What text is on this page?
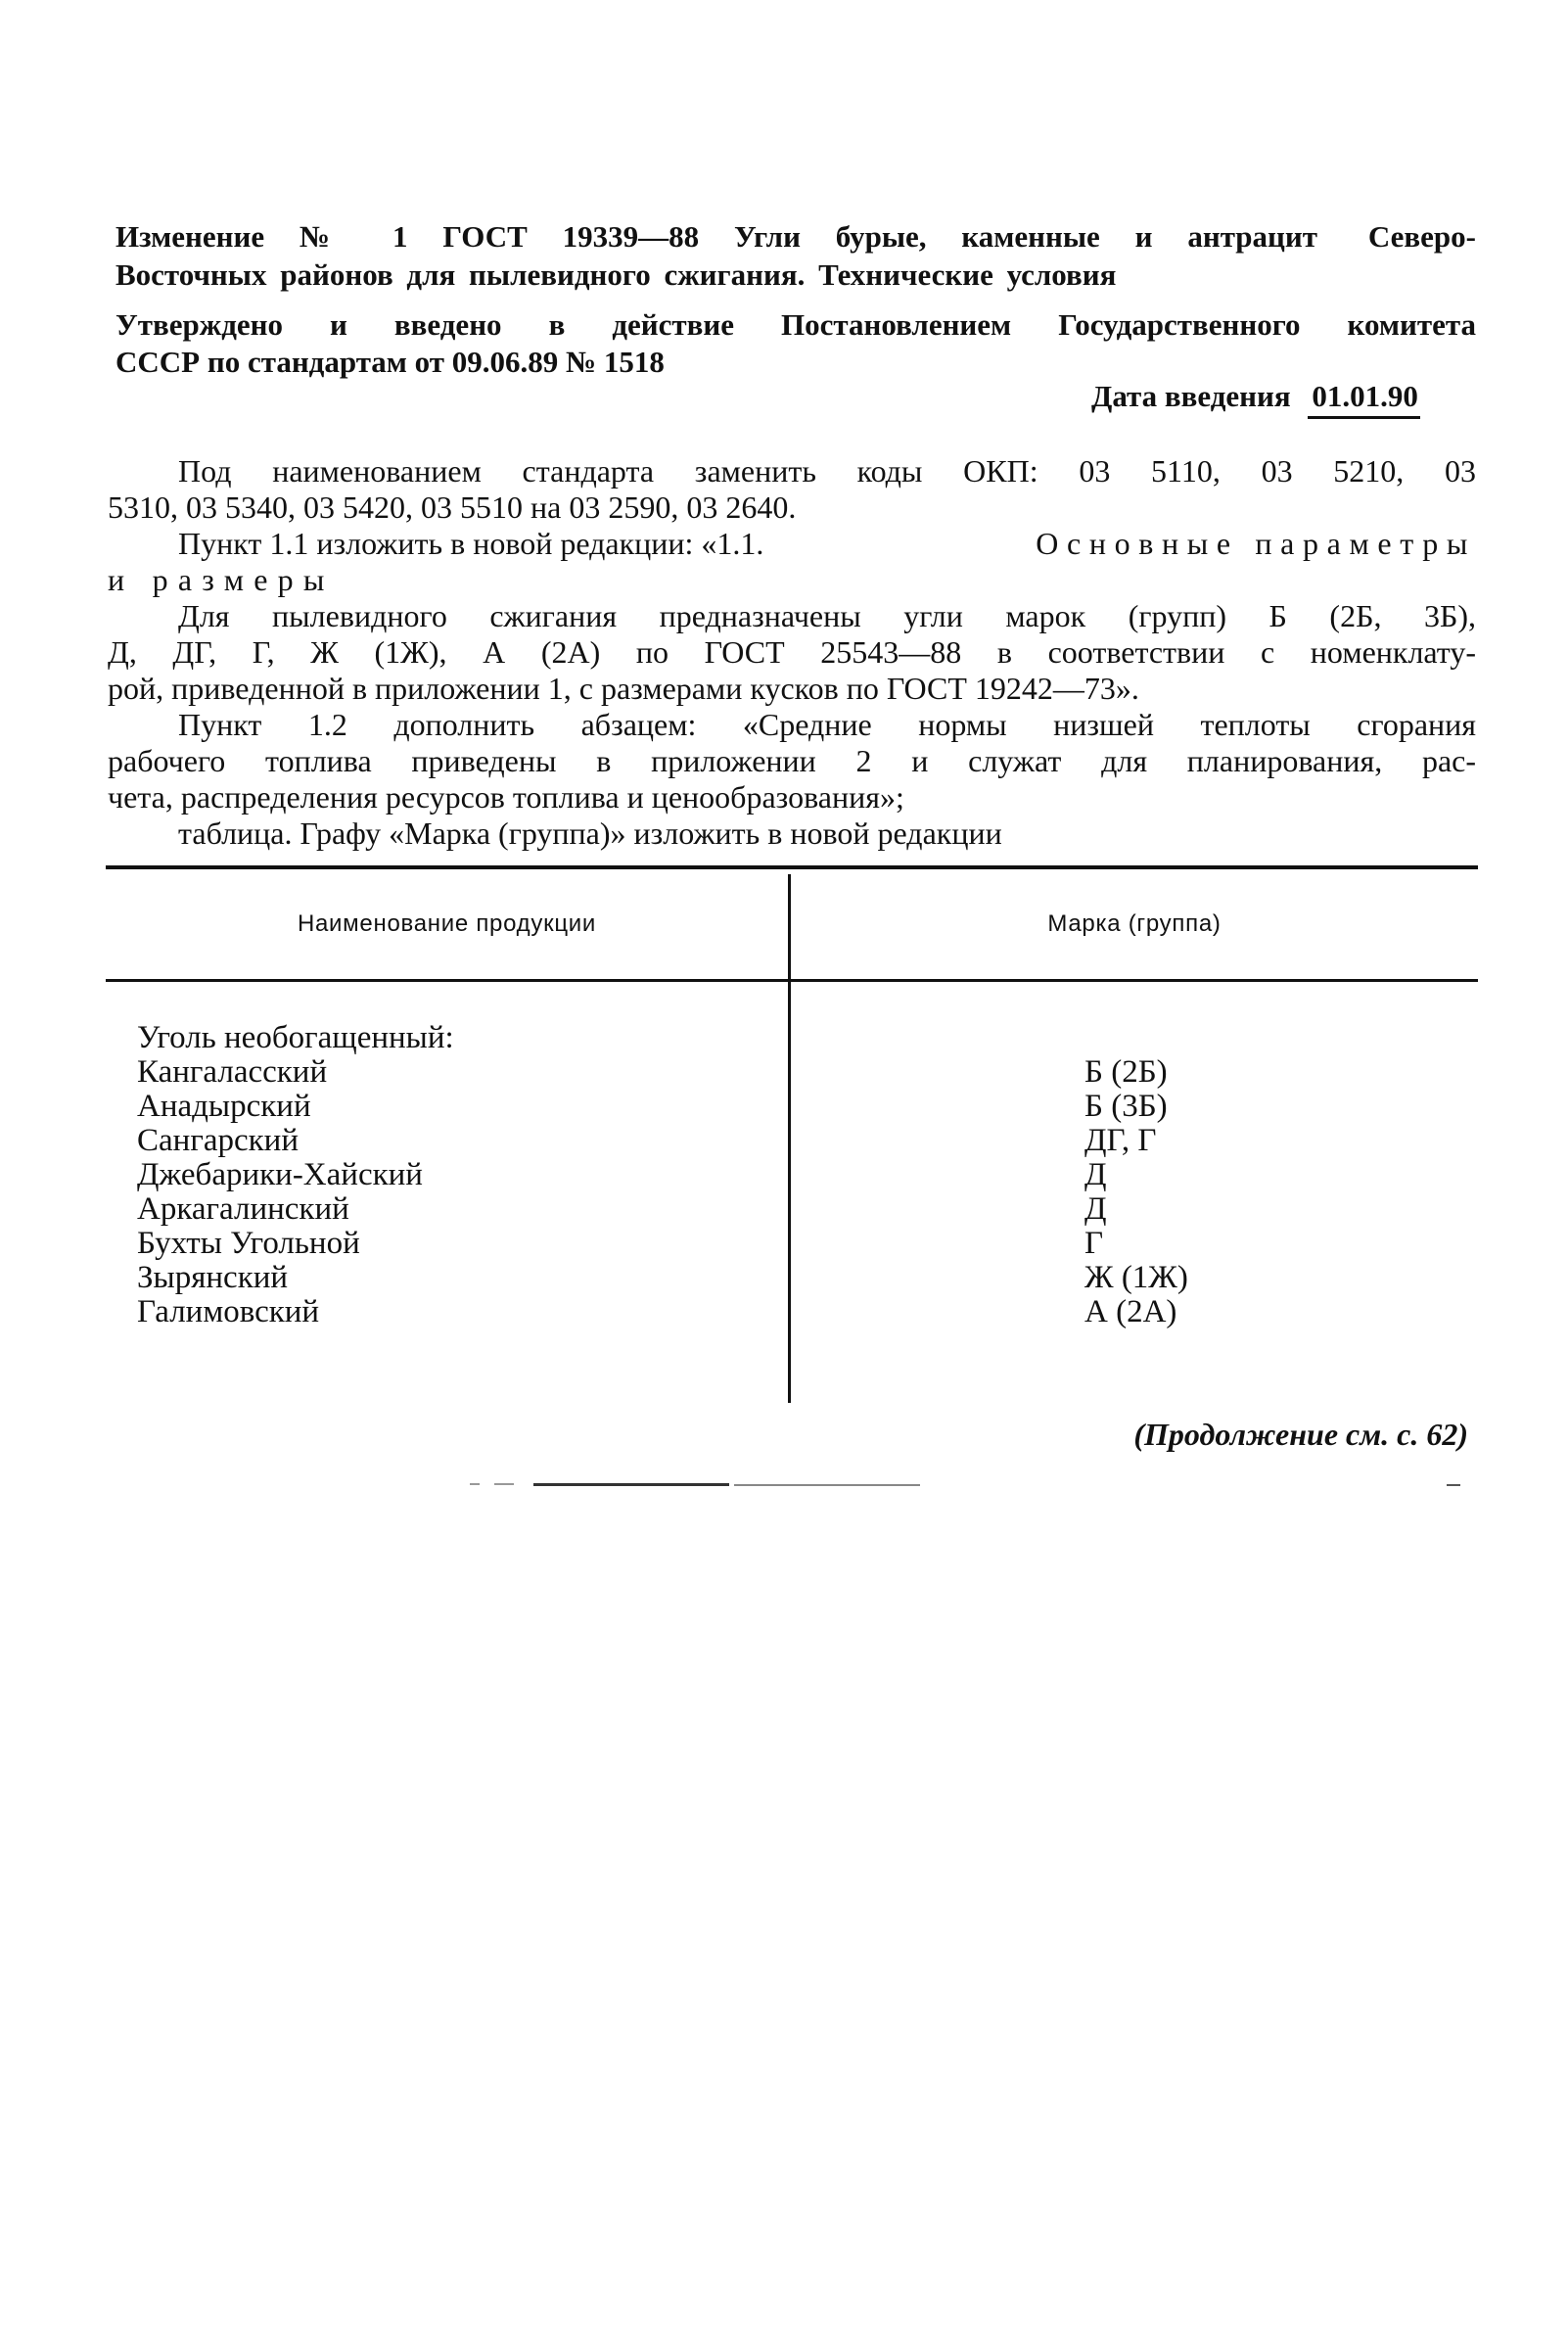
Изменение № 1 ГОСТ 19339—88 Угли бурые, каменные и антрацит	Северо-
Восточных районов для пылевидного сжигания. Технические условия
Утверждено и введено в действие Постановлением Государственного комитета
СССР по стандартам от 09.06.89 № 1518
Дата введения 01.01.90
Под наименованием стандарта заменить коды ОКП: 03 5110, 03 5210, 03
5310, 03 5340, 03 5420, 03 5510 на 03 2590, 03 2640.
Пункт 1.1 изложить в новой редакции: «1.1.	Основные параметры
и размеры
Для пылевидного сжигания предназначены угли марок (групп) Б (2Б, 3Б),
Д, ДГ, Г, Ж (1Ж), А (2А) по ГОСТ 25543—88 в соответствии с номенклату-
рой, приведенной в приложении 1, с размерами кусков по ГОСТ 19242—73».
Пункт 1.2 дополнить абзацем: «Средние нормы низшей теплоты сгорания
рабочего топлива приведены в приложении 2 и служат для планирования, рас-
чета, распределения ресурсов топлива и ценообразования»;
таблица. Графу «Марка (группа)» изложить в новой редакции
Наименование продукции	Марка (группа)
Уголь необогащенный:
Кангаласский	Б (2Б)
Анадырский	Б (3Б)
Сангарский	ДГ, Г
Джебарики-Хайский	Д
Аркагалинский	Д
Бухты Угольной	Г
Зырянский	Ж (1Ж)
Галимовский	А (2А)
(Продолжение см. с. 62)
